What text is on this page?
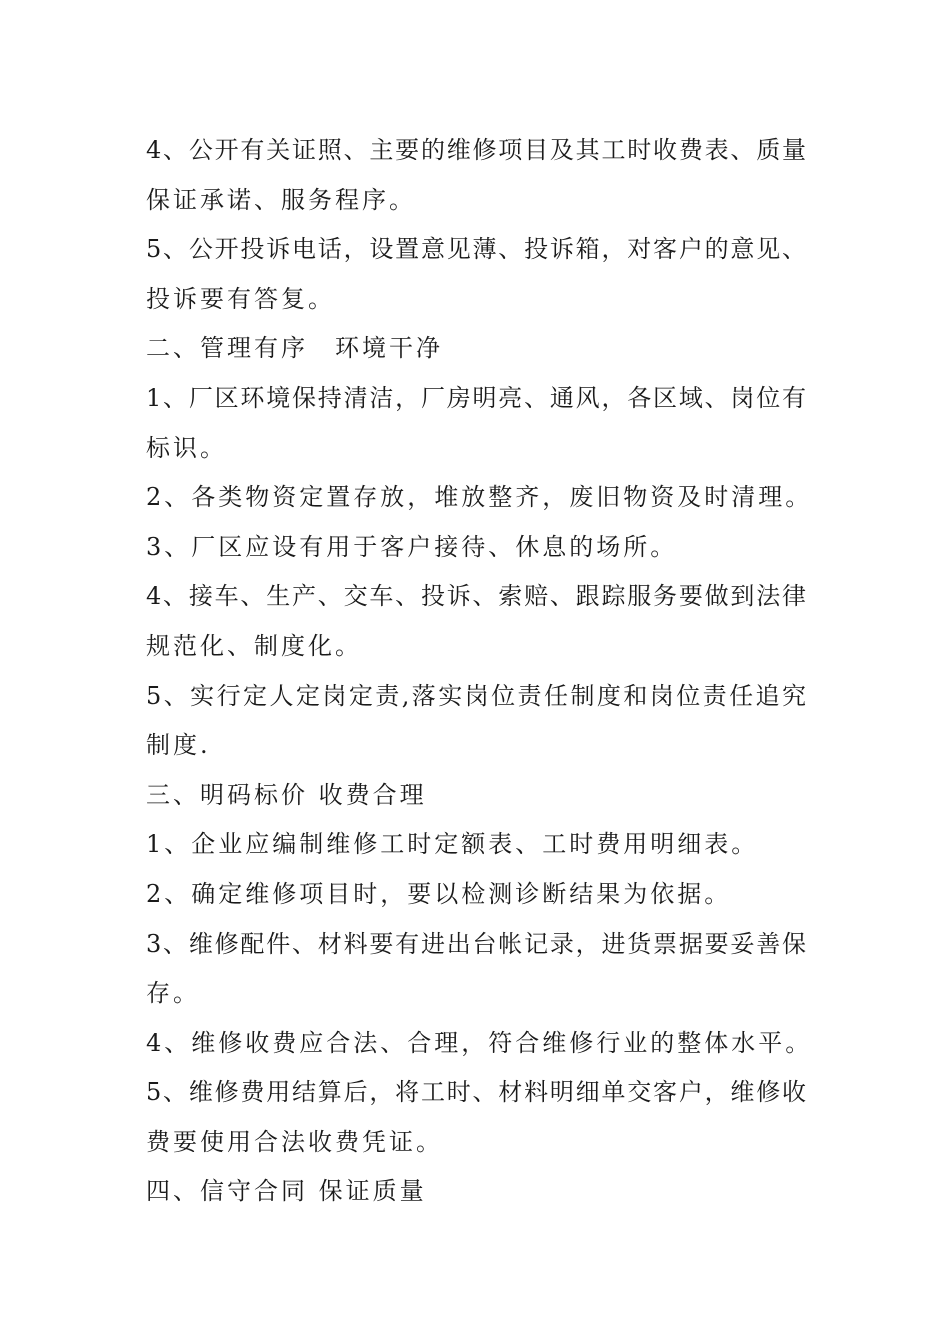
4、公开有关证照、主要的维修项目及其工时收费表、质量
保证承诺、服务程序。
5、公开投诉电话，设置意见薄、投诉箱，对客户的意见、
投诉要有答复。
二、管理有序　环境干净
1、厂区环境保持清洁，厂房明亮、通风，各区域、岗位有
标识。
2、各类物资定置存放，堆放整齐，废旧物资及时清理。
3、厂区应设有用于客户接待、休息的场所。
4、接车、生产、交车、投诉、索赔、跟踪服务要做到法律
规范化、制度化。
5、实行定人定岗定责,落实岗位责任制度和岗位责任追究
制度.
三、明码标价 收费合理
1、企业应编制维修工时定额表、工时费用明细表。
2、确定维修项目时，要以检测诊断结果为依据。
3、维修配件、材料要有进出台帐记录，进货票据要妥善保
存。
4、维修收费应合法、合理，符合维修行业的整体水平。
5、维修费用结算后，将工时、材料明细单交客户，维修收
费要使用合法收费凭证。
四、信守合同 保证质量
